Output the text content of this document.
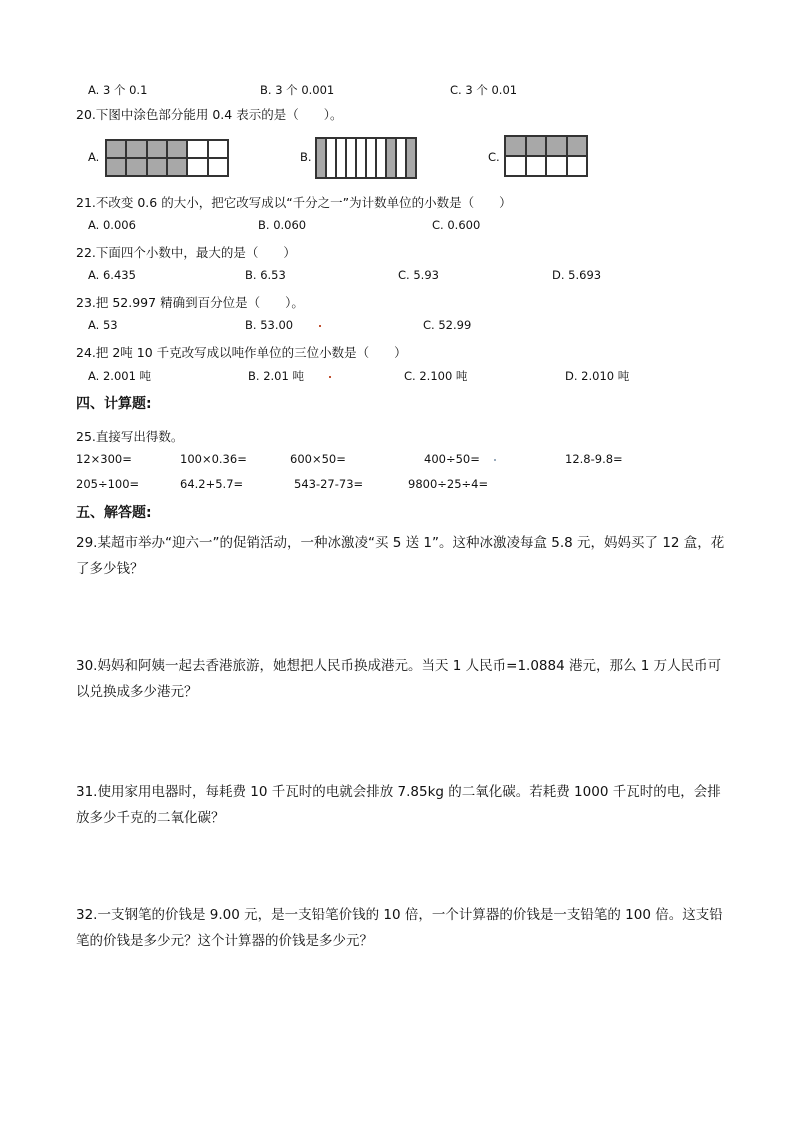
A. 3 个 0.1	B. 3 个 0.001	C. 3 个 0.01
20.下图中涂色部分能用 0.4 表示的是（　　）。
A.	B.	C.
21.不改变 0.6 的大小，把它改写成以“千分之一”为计数单位的小数是（　　）
A. 0.006	B. 0.060	C. 0.600
22.下面四个小数中，最大的是（　　）
A. 6.435	B. 6.53	C. 5.93	D. 5.693
23.把 52.997 精确到百分位是（　　）。
A. 53	B. 53.00	C. 52.99
24.把 2吨 10 千克改写成以吨作单位的三位小数是（　　）
A. 2.001 吨	B. 2.01 吨	C. 2.100 吨	D. 2.010 吨
四、计算题:
25.直接写出得数。
12×300=	100×0.36=	600×50=	400÷50=	12.8-9.8=
205÷100=	64.2+5.7=	543-27-73=	9800÷25÷4=
五、解答题:
29.某超市举办“迎六一”的促销活动，一种冰激凌“买 5 送 1”。这种冰激凌每盒 5.8 元，妈妈买了 12 盒，花了多少钱？
30.妈妈和阿姨一起去香港旅游，她想把人民币换成港元。当天 1 人民币=1.0884 港元，那么 1 万人民币可以兑换成多少港元？
31.使用家用电器时，每耗费 10 千瓦时的电就会排放 7.85kg 的二氧化碳。若耗费 1000 千瓦时的电，会排放多少千克的二氧化碳？
32.一支钢笔的价钱是 9.00 元，是一支铅笔价钱的 10 倍，一个计算器的价钱是一支铅笔的 100 倍。这支铅笔的价钱是多少元？这个计算器的价钱是多少元？
